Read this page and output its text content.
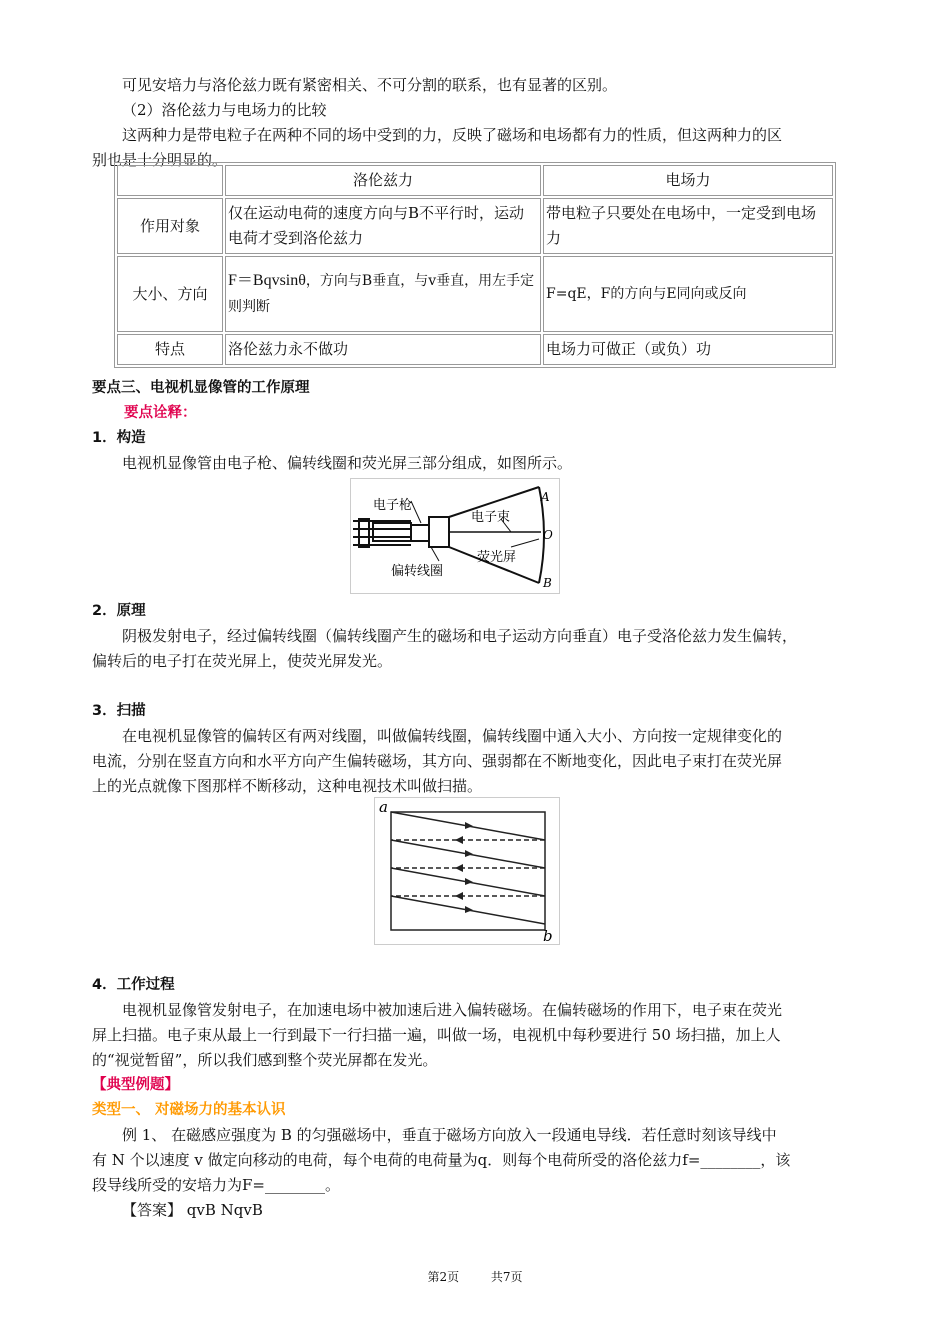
可见安培力与洛伦兹力既有紧密相关、不可分割的联系，也有显著的区别。

（2）洛伦兹力与电场力的比较

这两种力是带电粒子在两种不同的场中受到的力，反映了磁场和电场都有力的性质，但这两种力的区

别也是十分明显的。

	洛伦兹力	电场力
作用对象	仅在运动电荷的速度方向与B不平行时，运动电荷才受到洛伦兹力	带电粒子只要处在电场中，一定受到电场力
大小、方向	F＝Bqvsinθ，方向与B垂直，与v垂直，用左手定则判断	F=qE，F的方向与E同向或反向
特点	洛伦兹力永不做功	电场力可做正（或负）功

要点三、电视机显像管的工作原理

要点诠释：

1．构造

电视机显像管由电子枪、偏转线圈和荧光屏三部分组成，如图所示。

电子枪
电子束
荧光屏
偏转线圈
A
O
B

2．原理

阴极发射电子，经过偏转线圈（偏转线圈产生的磁场和电子运动方向垂直）电子受洛伦兹力发生偏转，

偏转后的电子打在荧光屏上，使荧光屏发光。

3．扫描

在电视机显像管的偏转区有两对线圈，叫做偏转线圈，偏转线圈中通入大小、方向按一定规律变化的

电流，分别在竖直方向和水平方向产生偏转磁场，其方向、强弱都在不断地变化，因此电子束打在荧光屏

上的光点就像下图那样不断移动，这种电视技术叫做扫描。

a
b

4．工作过程

电视机显像管发射电子，在加速电场中被加速后进入偏转磁场。在偏转磁场的作用下，电子束在荧光

屏上扫描。电子束从最上一行到最下一行扫描一遍，叫做一场，电视机中每秒要进行 50 场扫描，加上人

的“视觉暂留”，所以我们感到整个荧光屏都在发光。

【典型例题】

类型一、 对磁场力的基本认识

例 1、 在磁感应强度为 B 的匀强磁场中，垂直于磁场方向放入一段通电导线．若任意时刻该导线中

有 N 个以速度 v 做定向移动的电荷，每个电荷的电荷量为q．则每个电荷所受的洛伦兹力f=________，该

段导线所受的安培力为F=________。

【答案】 qvB NqvB

第2页	共7页
